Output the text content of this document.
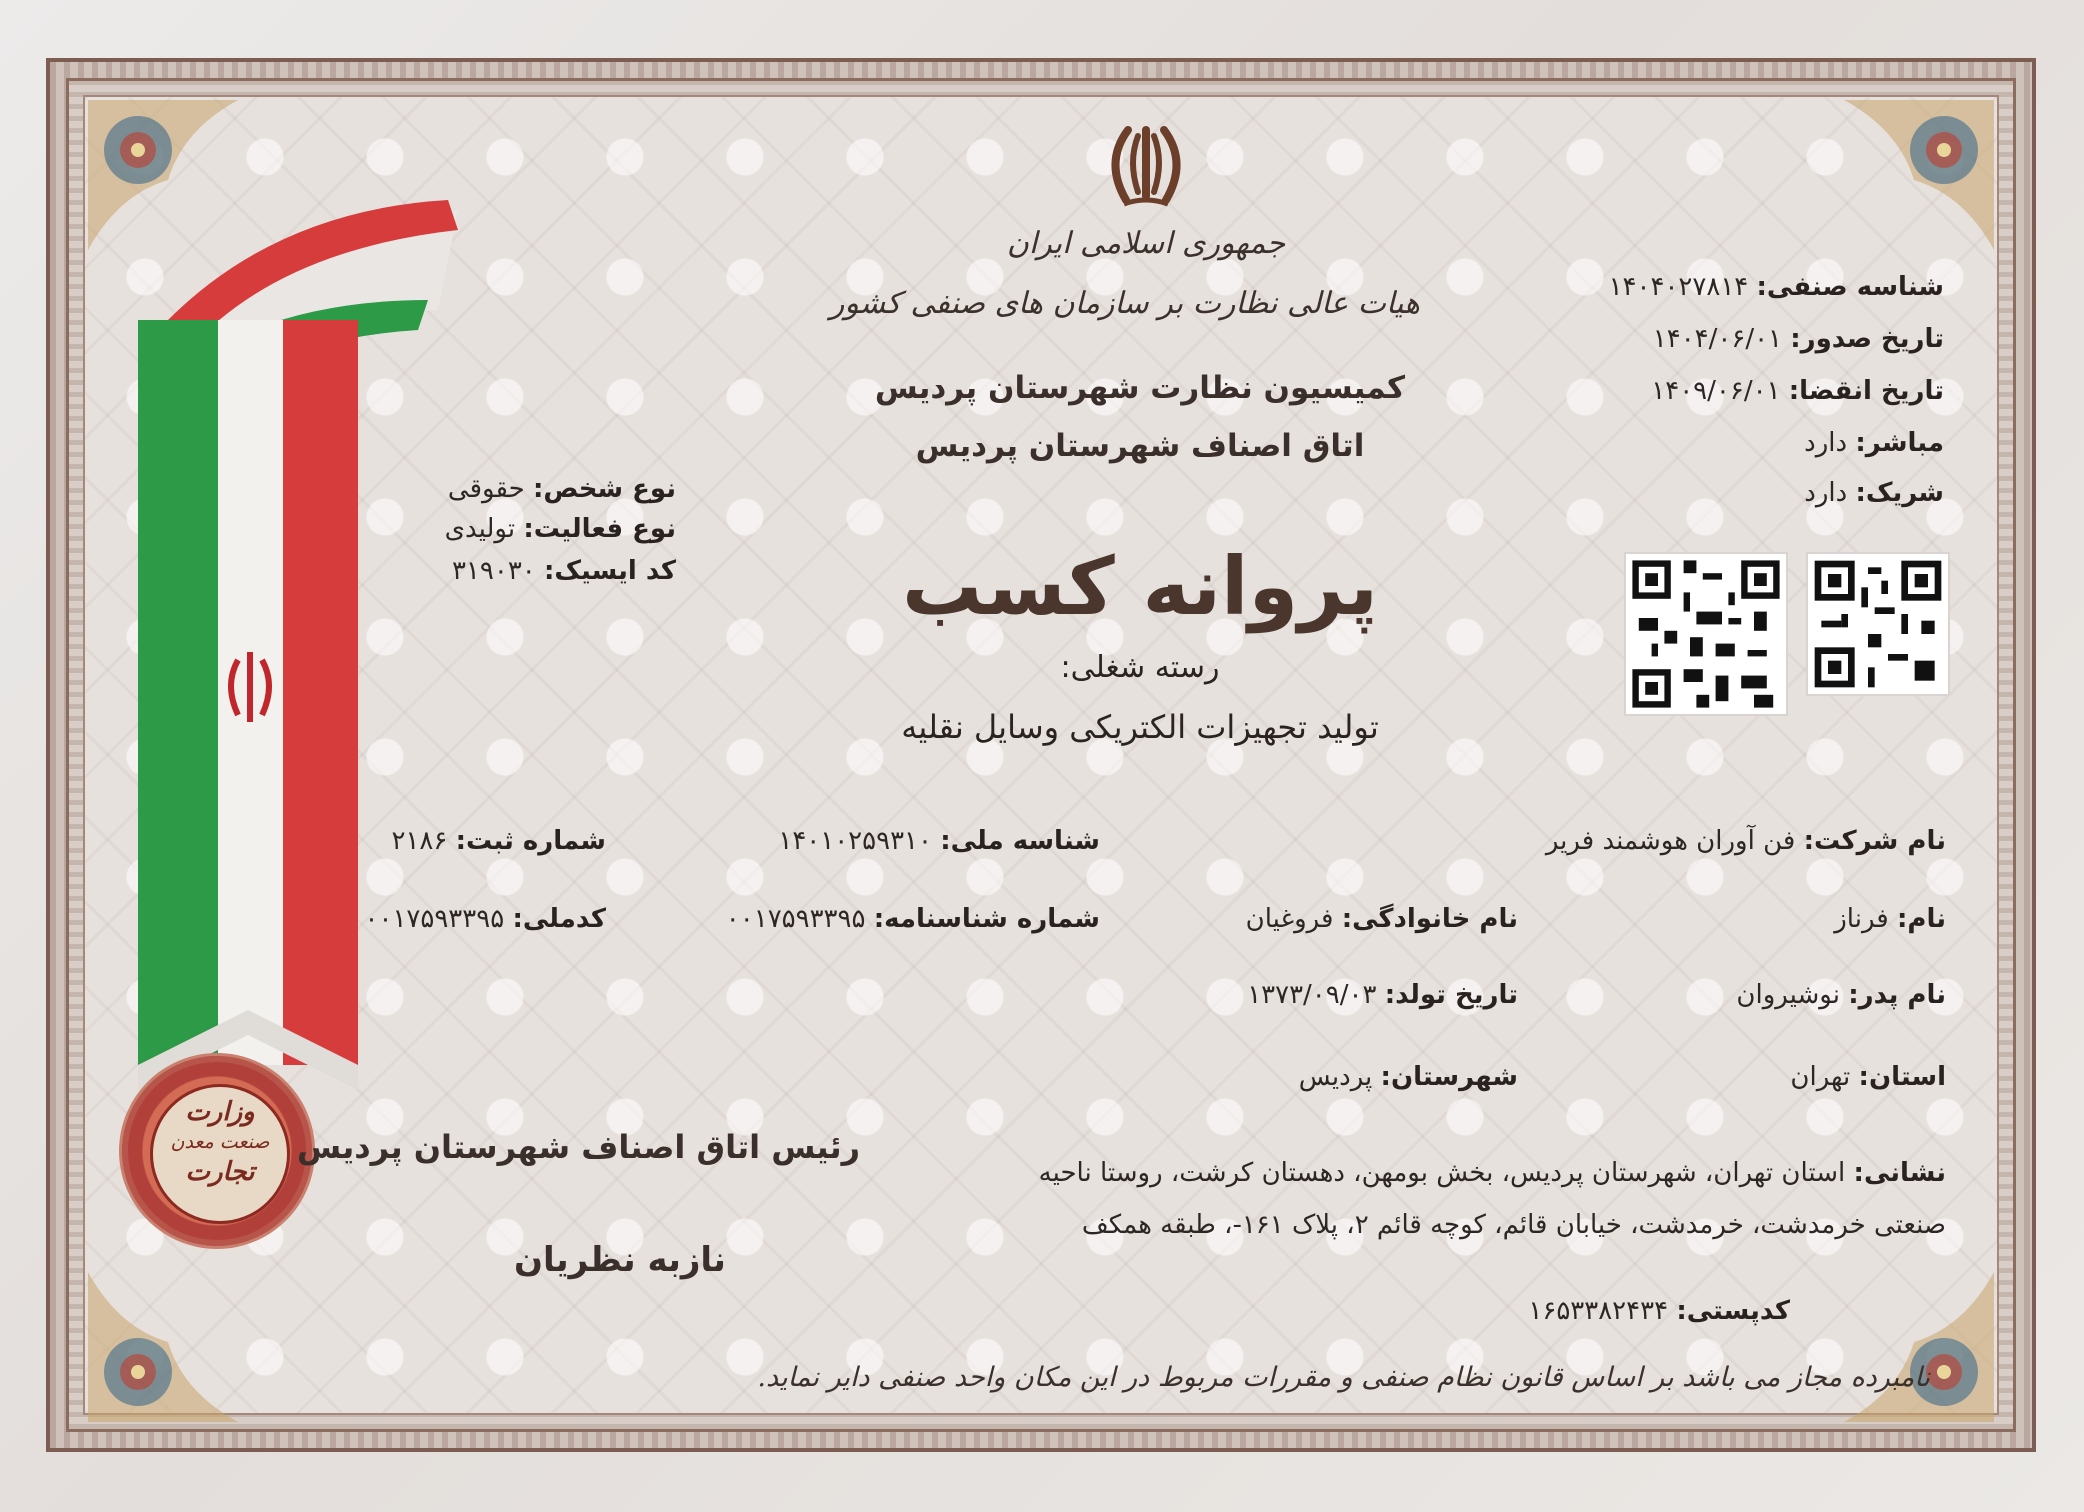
وزارت
صنعت معدن
تجارت
جمهوری اسلامی ایران
هیات عالی نظارت بر سازمان های صنفی کشور
کمیسیون نظارت شهرستان پردیس
اتاق اصناف شهرستان پردیس
پروانه کسب
رسته شغلی:
تولید تجهیزات الکتریکی وسایل نقلیه
شناسه صنفی: ۱۴۰۴۰۲۷۸۱۴
تاریخ صدور: ۱۴۰۴/۰۶/۰۱
تاریخ انقضا: ۱۴۰۹/۰۶/۰۱
مباشر: دارد
شریک: دارد
نوع شخص: حقوقی
نوع فعالیت: تولیدی
کد ایسیک: ۳۱۹۰۳۰
نام شرکت: فن آوران هوشمند فرير
شناسه ملی: ۱۴۰۱۰۲۵۹۳۱۰
شماره ثبت: ۲۱۸۶
نام: فرناز
نام خانوادگی: فروغیان
شماره شناسنامه: ۰۰۱۷۵۹۳۳۹۵
کدملی: ۰۰۱۷۵۹۳۳۹۵
نام پدر: نوشیروان
تاریخ تولد: ۱۳۷۳/۰۹/۰۳
استان: تهران
شهرستان: پردیس
نشانی: استان تهران، شهرستان پردیس، بخش بومهن، دهستان کرشت، روستا ناحیه
صنعتی خرمدشت، خرمدشت، خیابان قائم، کوچه قائم ۲، پلاک ۱۶۱-، طبقه همکف
کدپستی: ۱۶۵۳۳۸۲۴۳۴
رئیس اتاق اصناف شهرستان پردیس
نازبه نظریان
نامبرده مجاز می باشد بر اساس قانون نظام صنفی و مقررات مربوط در این مکان واحد صنفی دایر نماید.
